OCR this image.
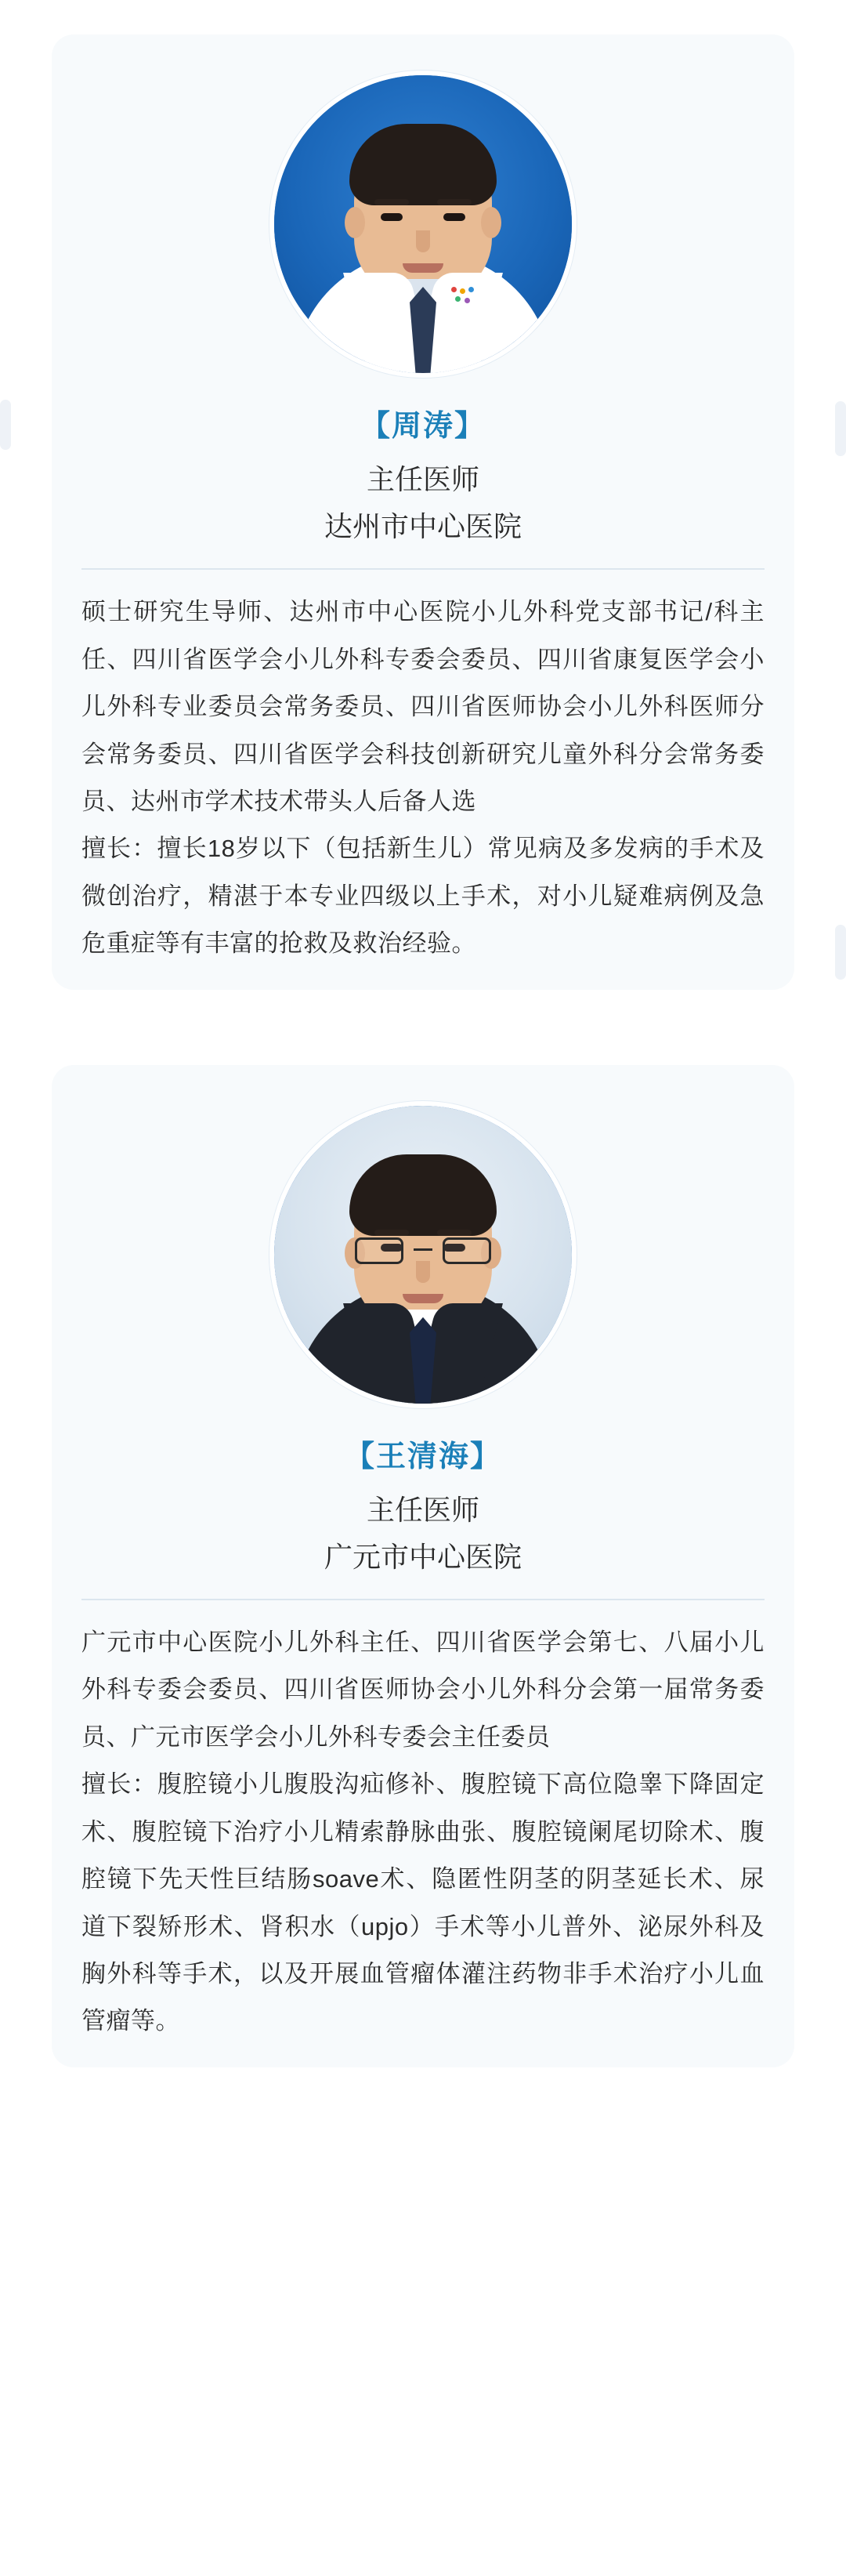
【周涛】
主任医师
达州市中心医院

硕士研究生导师、达州市中心医院小儿外科党支部书记/科主任、四川省医学会小儿外科专委会委员、四川省康复医学会小儿外科专业委员会常务委员、四川省医师协会小儿外科医师分会常务委员、四川省医学会科技创新研究儿童外科分会常务委员、达州市学术技术带头人后备人选

擅长：擅长18岁以下（包括新生儿）常见病及多发病的手术及微创治疗，精湛于本专业四级以上手术，对小儿疑难病例及急危重症等有丰富的抢救及救治经验。

【王清海】
主任医师
广元市中心医院

广元市中心医院小儿外科主任、四川省医学会第七、八届小儿外科专委会委员、四川省医师协会小儿外科分会第一届常务委员、广元市医学会小儿外科专委会主任委员

擅长：腹腔镜小儿腹股沟疝修补、腹腔镜下高位隐睾下降固定术、腹腔镜下治疗小儿精索静脉曲张、腹腔镜阑尾切除术、腹腔镜下先天性巨结肠soave术、隐匿性阴茎的阴茎延长术、尿道下裂矫形术、肾积水（upjo）手术等小儿普外、泌尿外科及胸外科等手术，以及开展血管瘤体灌注药物非手术治疗小儿血管瘤等。
